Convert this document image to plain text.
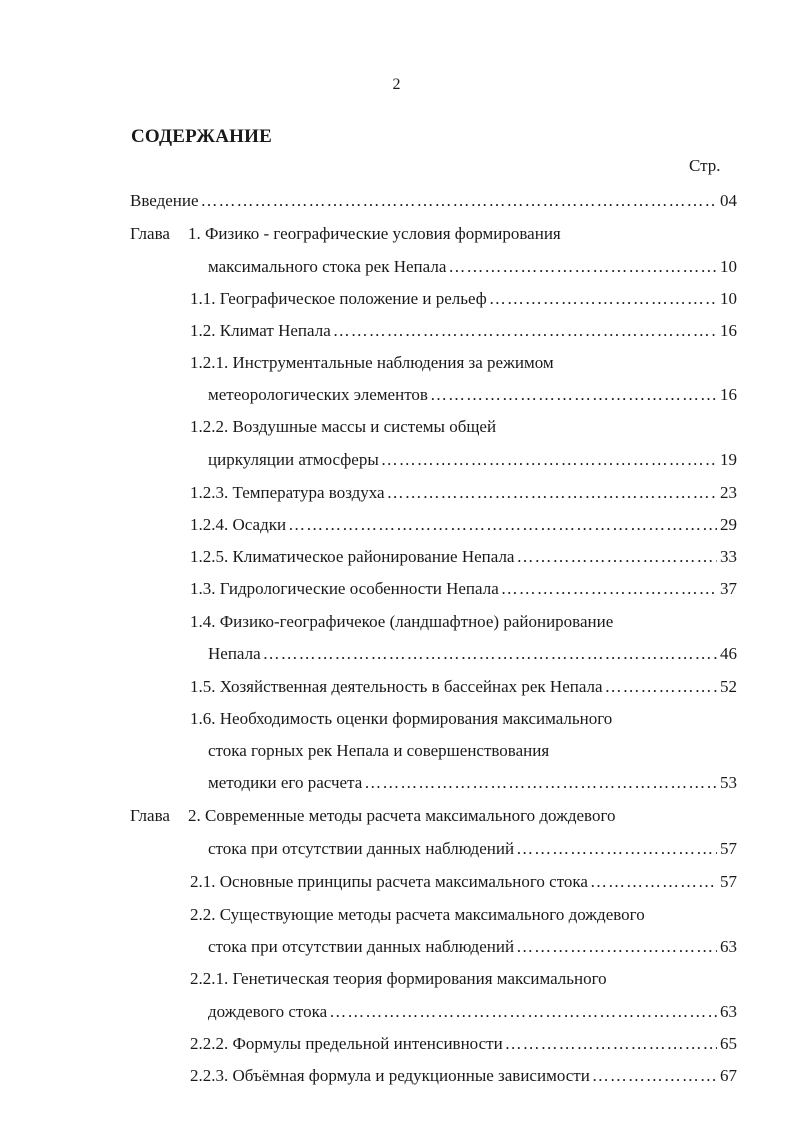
2
СОДЕРЖАНИЕ
Стр.
Введение …………………………………………………………………………………………………………………………………………………………	04
Глава 1. Физико - географические условия формирования
максимального стока рек Непала …………………………………………………………………………………………………………………………………………………………	10
1.1. Географическое положение и рельеф …………………………………………………………………………………………………………………………………………………………	10
1.2. Климат Непала …………………………………………………………………………………………………………………………………………………………	16
1.2.1. Инструментальные наблюдения за режимом
метеорологических элементов …………………………………………………………………………………………………………………………………………………………	16
1.2.2. Воздушные массы и системы общей
циркуляции атмосферы …………………………………………………………………………………………………………………………………………………………	19
1.2.3. Температура воздуха …………………………………………………………………………………………………………………………………………………………	23
1.2.4. Осадки …………………………………………………………………………………………………………………………………………………………	29
1.2.5. Климатическое районирование Непала …………………………………………………………………………………………………………………………………………………………	33
1.3. Гидрологические особенности Непала …………………………………………………………………………………………………………………………………………………………	37
1.4. Физико-географичекое (ландшафтное) районирование
Непала …………………………………………………………………………………………………………………………………………………………	46
1.5. Хозяйственная деятельность в бассейнах рек Непала …………………………………………………………………………………………………………………………………………………………	52
1.6. Необходимость оценки формирования максимального
стока горных рек Непала и совершенствования
методики его расчета …………………………………………………………………………………………………………………………………………………………	53
Глава 2. Современные методы расчета максимального дождевого
стока при отсутствии данных наблюдений …………………………………………………………………………………………………………………………………………………………	57
2.1. Основные принципы расчета максимального стока …………………………………………………………………………………………………………………………………………………………	57
2.2. Существующие методы расчета максимального дождевого
стока при отсутствии данных наблюдений …………………………………………………………………………………………………………………………………………………………	63
2.2.1. Генетическая теория формирования максимального
дождевого стока …………………………………………………………………………………………………………………………………………………………	63
2.2.2. Формулы предельной интенсивности …………………………………………………………………………………………………………………………………………………………	65
2.2.3. Объёмная формула и редукционные зависимости …………………………………………………………………………………………………………………………………………………………	67
